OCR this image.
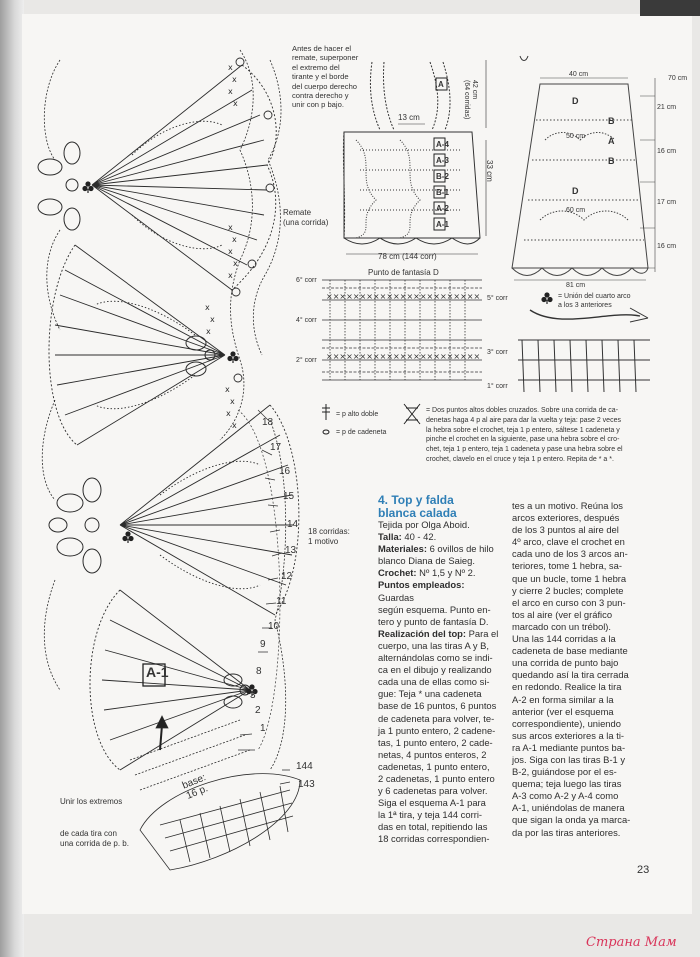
x
x
x
x
x
x
x
x
x
x
x
x
x
x
x
x
×××××××××××××××××××××××
×××××××××××××××××××××××
Remate
(una corrida)
18 corridas:
1 motivo
18
17
16
15
14
13
12
11
10
9
8
3
2
1
A-1
base:
16 p.
144
143
Unir los extremos
de cada tira con
una corrida de p. b.
Antes de hacer el
remate, superponer
el extremo del
tirante y el borde
del cuerpo derecho
contra derecho y
unir con p bajo.
42 cm
(64 corridas)
13 cm
33 cm
78 cm (144 corr)
A
A-4
A-3
B-2
B-1
A-2
A-1
40 cm
50 cm
60 cm
81 cm
70 cm
21 cm
16 cm
17 cm
16 cm
D
B
A
B
D
Punto de fantasía D
6° corr
4° corr
2° corr
5° corr
3° corr
1° corr
= Unión del cuarto arco
a los 3 anteriores
= p alto doble
= p de cadeneta
= Dos puntos altos dobles cruzados. Sobre una corrida de ca-
denetas haga 4 p al aire para dar la vuelta y teja: pase 2 veces
la hebra sobre el crochet, teja 1 p entero, sáltese 1 cadeneta y
pinche el crochet en la siguiente, pase una hebra sobre el cro-
chet, teja 1 p entero, teja 1 cadeneta y pase una hebra sobre el
crochet, clavelo en el cruce y teja 1 p entero. Repita de * a *.
4. Top y falda
blanca calada
Tejida por Olga Aboid.
Talla: 40 - 42.
Materiales: 6 ovillos de hilo
blanco Diana de Saieg.
Crochet: Nº 1,5 y Nº 2.
Puntos empleados: Guardas
según esquema. Punto en-
tero y punto de fantasía D.
Realización del top: Para el
cuerpo, una las tiras A y B,
alternándolas como se indi-
ca en el dibujo y realizando
cada una de ellas como si-
gue: Teja * una cadeneta
base de 16 puntos, 6 puntos
de cadeneta para volver, te-
ja 1 punto entero, 2 cadene-
tas, 1 punto entero, 2 cade-
netas, 4 puntos enteros, 2
cadenetas, 1 punto entero,
2 cadenetas, 1 punto entero
y 6 cadenetas para volver.
Siga el esquema A-1 para
la 1ª tira, y teja 144 corri-
das en total, repitiendo las
18 corridas correspondien-
tes a un motivo. Reúna los
arcos exteriores, después
de los 3 puntos al aire del
4º arco, clave el crochet en
cada uno de los 3 arcos an-
teriores, tome 1 hebra, sa-
que un bucle, tome 1 hebra
y cierre 2 bucles; complete
el arco en curso con 3 pun-
tos al aire (ver el gráfico
marcado con un trébol).
Una las 144 corridas a la
cadeneta de base mediante
una corrida de punto bajo
quedando así la tira cerrada
en redondo. Realice la tira
A-2 en forma similar a la
anterior (ver el esquema
correspondiente), uniendo
sus arcos exteriores a la ti-
ra A-1 mediante puntos ba-
jos. Siga con las tiras B-1 y
B-2, guiándose por el es-
quema; teja luego las tiras
A-3 como A-2 y A-4 como
A-1, uniéndolas de manera
que sigan la onda ya marca-
da por las tiras anteriores.
23
Страна Мам
